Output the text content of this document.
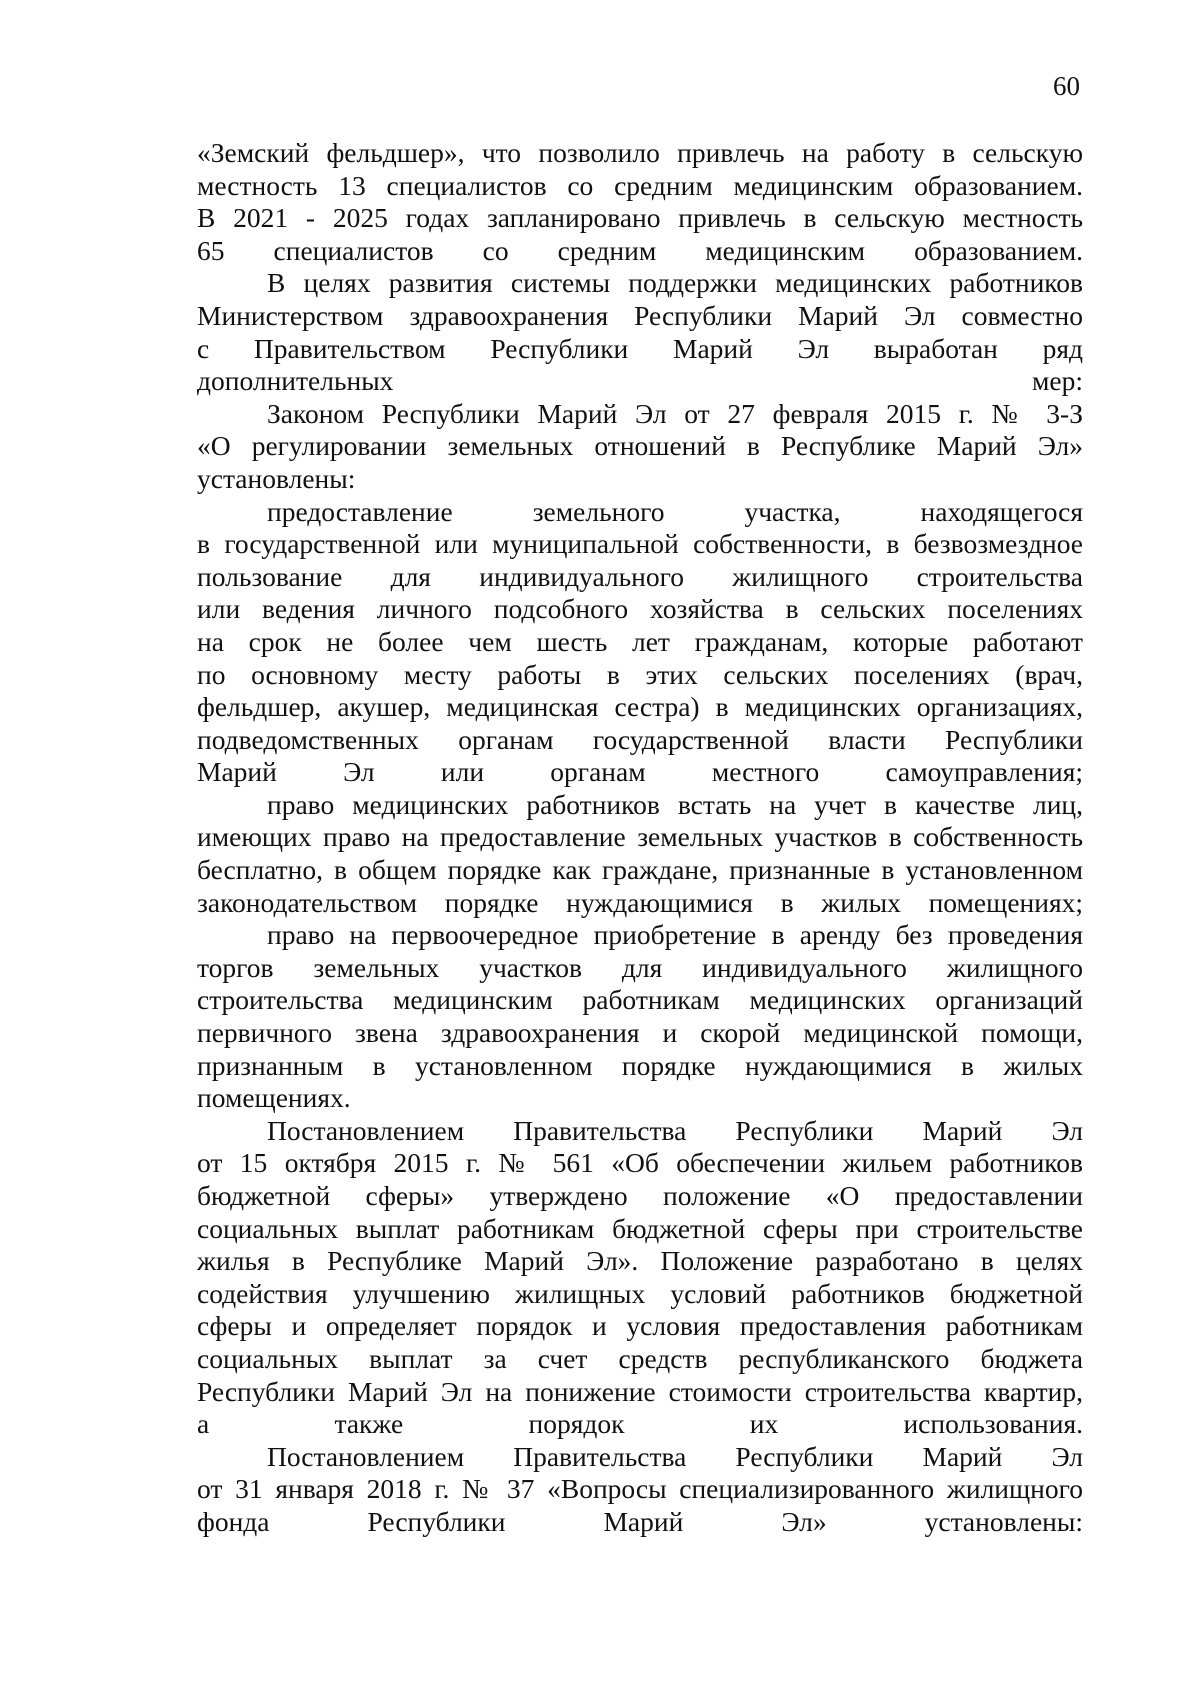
60
«Земский фельдшер», что позволило привлечь на работу в сельскую
местность 13 специалистов со средним медицинским образованием.
В 2021 - 2025 годах запланировано привлечь в сельскую местность
65 специалистов со средним медицинским образованием.
В целях развития системы поддержки медицинских работников
Министерством здравоохранения Республики Марий Эл совместно
с Правительством Республики Марий Эл выработан ряд
дополнительных мер:
Законом Республики Марий Эл от 27 февраля 2015 г. № 3-З
«О регулировании земельных отношений в Республике Марий Эл»
установлены:
предоставление земельного участка, находящегося
в государственной или муниципальной собственности, в безвозмездное
пользование для индивидуального жилищного строительства
или ведения личного подсобного хозяйства в сельских поселениях
на срок не более чем шесть лет гражданам, которые работают
по основному месту работы в этих сельских поселениях (врач,
фельдшер, акушер, медицинская сестра) в медицинских организациях,
подведомственных органам государственной власти Республики
Марий Эл или органам местного самоуправления;
право медицинских работников встать на учет в качестве лиц,
имеющих право на предоставление земельных участков в собственность
бесплатно, в общем порядке как граждане, признанные в установленном
законодательством порядке нуждающимися в жилых помещениях;
право на первоочередное приобретение в аренду без проведения
торгов земельных участков для индивидуального жилищного
строительства медицинским работникам медицинских организаций
первичного звена здравоохранения и скорой медицинской помощи,
признанным в установленном порядке нуждающимися в жилых
помещениях.
Постановлением Правительства Республики Марий Эл
от 15 октября 2015 г. № 561 «Об обеспечении жильем работников
бюджетной сферы» утверждено положение «О предоставлении
социальных выплат работникам бюджетной сферы при строительстве
жилья в Республике Марий Эл». Положение разработано в целях
содействия улучшению жилищных условий работников бюджетной
сферы и определяет порядок и условия предоставления работникам
социальных выплат за счет средств республиканского бюджета
Республики Марий Эл на понижение стоимости строительства квартир,
а также порядок их использования.
Постановлением Правительства Республики Марий Эл
от 31 января 2018 г. № 37 «Вопросы специализированного жилищного
фонда Республики Марий Эл» установлены:
